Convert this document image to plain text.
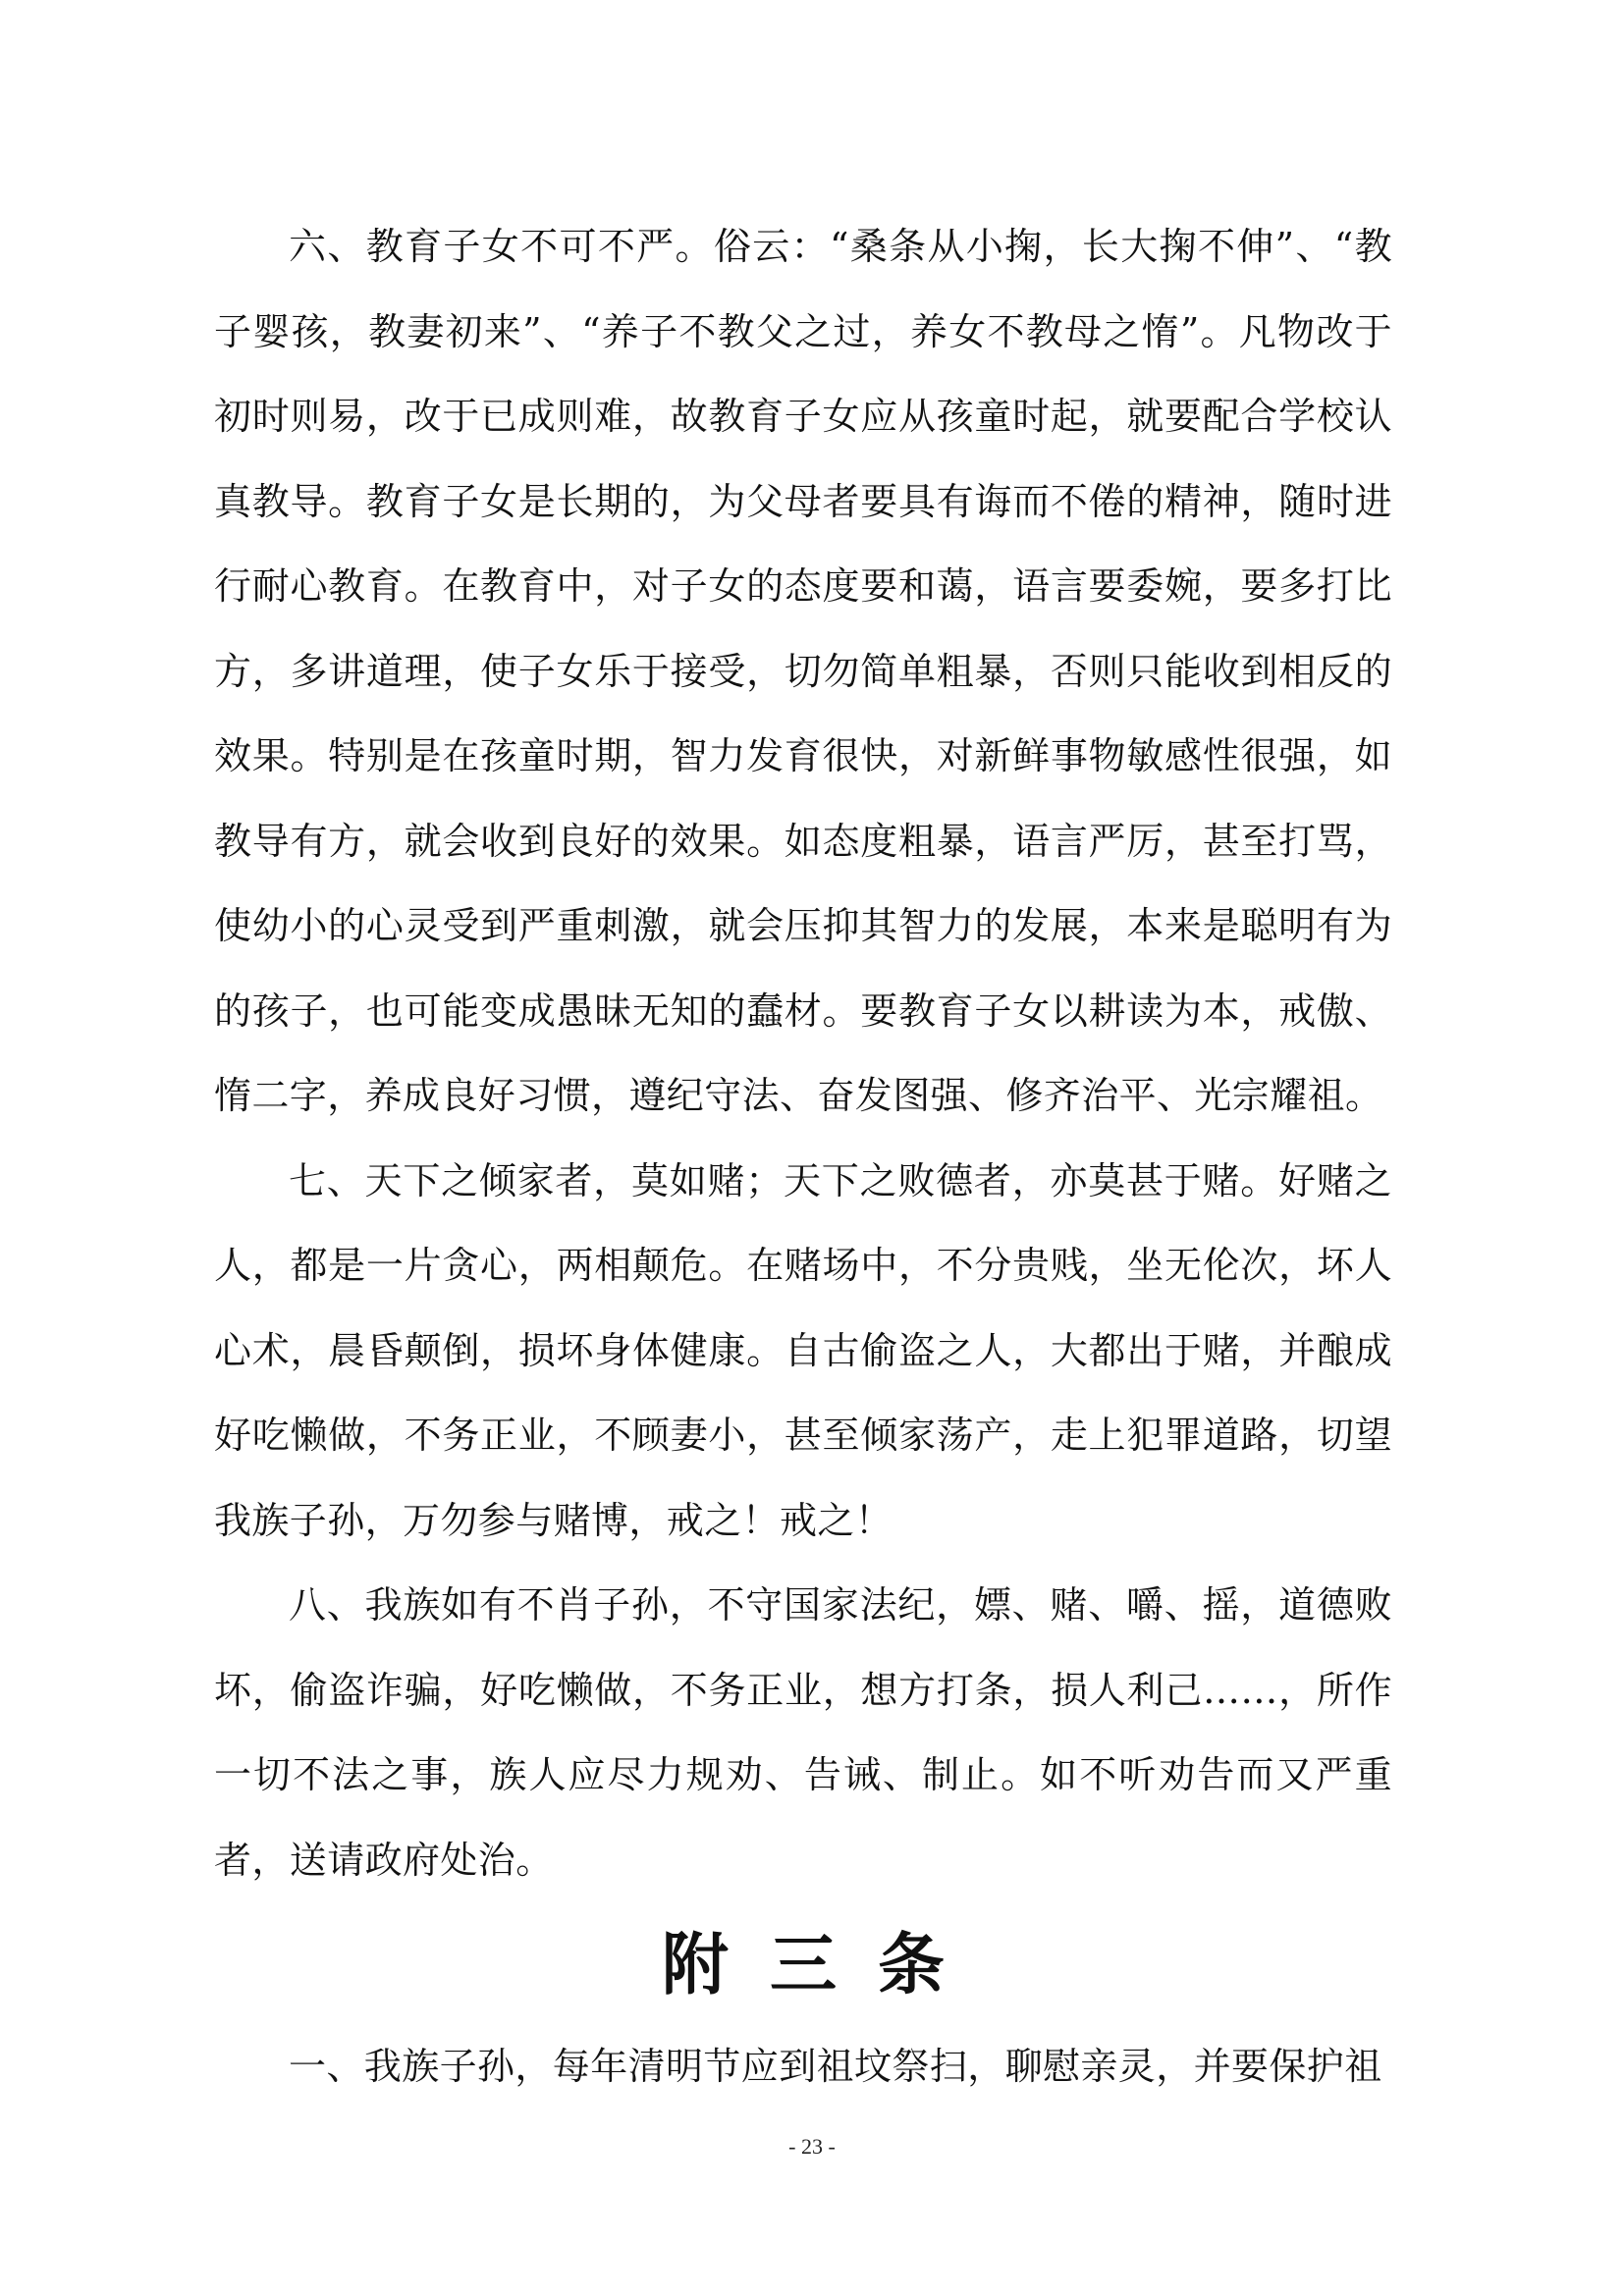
六、教育子女不可不严。俗云：“桑条从小掬，长大掬不伸”、“教子婴孩，教妻初来”、“养子不教父之过，养女不教母之惰”。凡物改于初时则易，改于已成则难，故教育子女应从孩童时起，就要配合学校认真教导。教育子女是长期的，为父母者要具有诲而不倦的精神，随时进行耐心教育。在教育中，对子女的态度要和蔼，语言要委婉，要多打比方，多讲道理，使子女乐于接受，切勿简单粗暴，否则只能收到相反的效果。特别是在孩童时期，智力发育很快，对新鲜事物敏感性很强，如教导有方，就会收到良好的效果。如态度粗暴，语言严厉，甚至打骂，使幼小的心灵受到严重刺激，就会压抑其智力的发展，本来是聪明有为的孩子，也可能变成愚昧无知的蠢材。要教育子女以耕读为本，戒傲、惰二字，养成良好习惯，遵纪守法、奋发图强、修齐治平、光宗耀祖。

七、天下之倾家者，莫如赌；天下之败德者，亦莫甚于赌。好赌之人，都是一片贪心，两相颠危。在赌场中，不分贵贱，坐无伦次，坏人心术，晨昏颠倒，损坏身体健康。自古偷盗之人，大都出于赌，并酿成好吃懒做，不务正业，不顾妻小，甚至倾家荡产，走上犯罪道路，切望我族子孙，万勿参与赌博，戒之！戒之！

八、我族如有不肖子孙，不守国家法纪，嫖、赌、嚼、摇，道德败坏，偷盗诈骗，好吃懒做，不务正业，想方打条，损人利己……，所作一切不法之事，族人应尽力规劝、告诫、制止。如不听劝告而又严重者，送请政府处治。

附三条

一、我族子孙，每年清明节应到祖坟祭扫，聊慰亲灵，并要保护祖

- 23 -
